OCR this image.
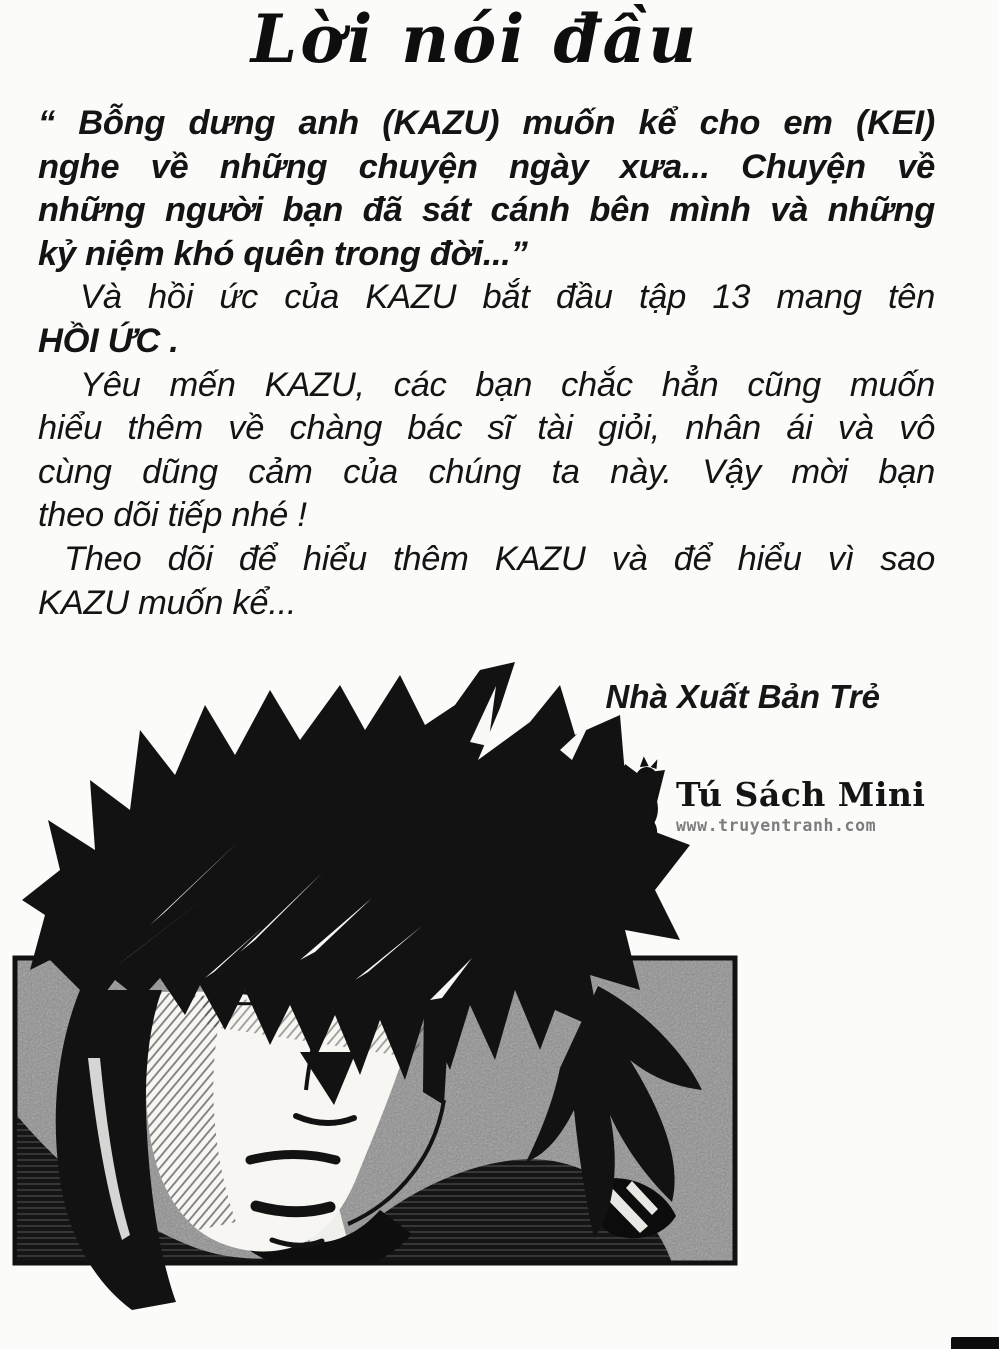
Lời nói đầu
“ Bỗng dưng anh (KAZU) muốn kể cho em (KEI)
nghe về những chuyện ngày xưa... Chuyện về
những người bạn đã sát cánh bên mình và những
kỷ niệm khó quên trong đời...”
Và hồi ức của KAZU bắt đầu tập 13 mang tên
HỒI ỨC .
Yêu mến KAZU, các bạn chắc hẳn cũng muốn
hiểu thêm về chàng bác sĩ tài giỏi, nhân ái và vô
cùng dũng cảm của chúng ta này. Vậy mời bạn
theo dõi tiếp nhé !
Theo dõi để hiểu thêm KAZU và để hiểu vì sao
KAZU muốn kể...
Nhà Xuất Bản Trẻ
Tú Sách Mini
www.truyentranh.com
